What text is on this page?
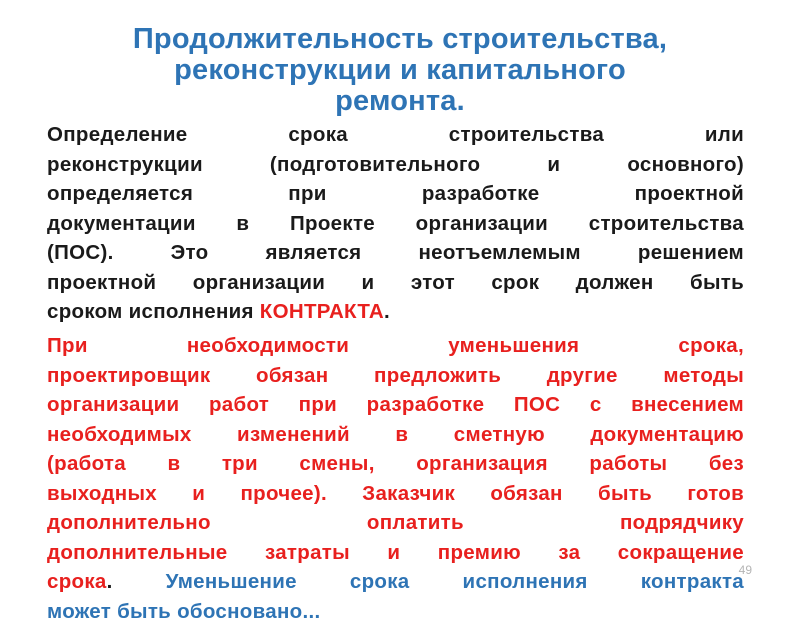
Продолжительность строительства,
реконструкции и капитального
ремонта.
Определение срока строительства или
реконструкции (подготовительного и основного)
определяется при разработке проектной
документации в Проекте организации строительства
(ПОС). Это является неотъемлемым решением
проектной организации и этот срок должен быть
сроком исполнения КОНТРАКТА.
При необходимости уменьшения срока,
проектировщик обязан предложить другие методы
организации работ при разработке ПОС с внесением
необходимых изменений в сметную документацию
(работа в три смены, организация работы без
выходных и прочее). Заказчик обязан быть готов
дополнительно оплатить подрядчику
дополнительные затраты и премию за сокращение
срока. Уменьшение срока исполнения контракта
может быть обосновано...
49
